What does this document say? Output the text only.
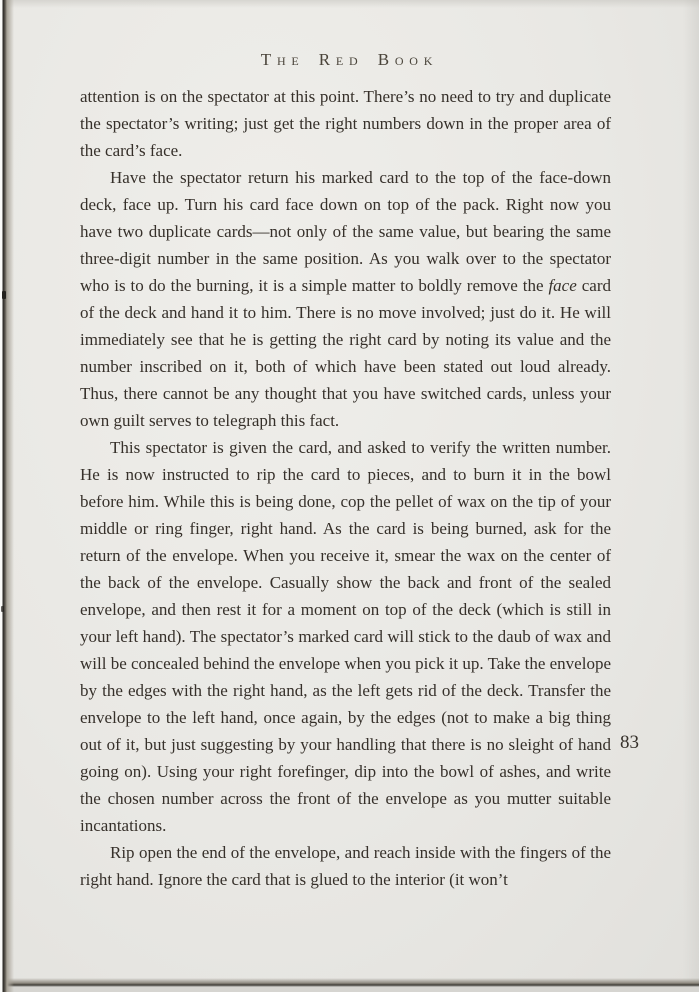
The Red Book

attention is on the spectator at this point. There’s no need to try and duplicate the spectator’s writing; just get the right numbers down in the proper area of the card’s face.

Have the spectator return his marked card to the top of the face-down deck, face up. Turn his card face down on top of the pack. Right now you have two duplicate cards—not only of the same value, but bearing the same three-digit number in the same position. As you walk over to the spectator who is to do the burning, it is a simple matter to boldly remove the face card of the deck and hand it to him. There is no move involved; just do it. He will immediately see that he is getting the right card by noting its value and the number inscribed on it, both of which have been stated out loud already. Thus, there cannot be any thought that you have switched cards, unless your own guilt serves to telegraph this fact.

This spectator is given the card, and asked to verify the written number. He is now instructed to rip the card to pieces, and to burn it in the bowl before him. While this is being done, cop the pellet of wax on the tip of your middle or ring finger, right hand. As the card is being burned, ask for the return of the envelope. When you receive it, smear the wax on the center of the back of the envelope. Casually show the back and front of the sealed envelope, and then rest it for a moment on top of the deck (which is still in your left hand). The spectator’s marked card will stick to the daub of wax and will be concealed behind the envelope when you pick it up. Take the envelope by the edges with the right hand, as the left gets rid of the deck. Transfer the envelope to the left hand, once again, by the edges (not to make a big thing out of it, but just suggesting by your handling that there is no sleight of hand going on). Using your right forefinger, dip into the bowl of ashes, and write the chosen number across the front of the envelope as you mutter suitable incantations.

Rip open the end of the envelope, and reach inside with the fingers of the right hand. Ignore the card that is glued to the interior (it won’t

83
